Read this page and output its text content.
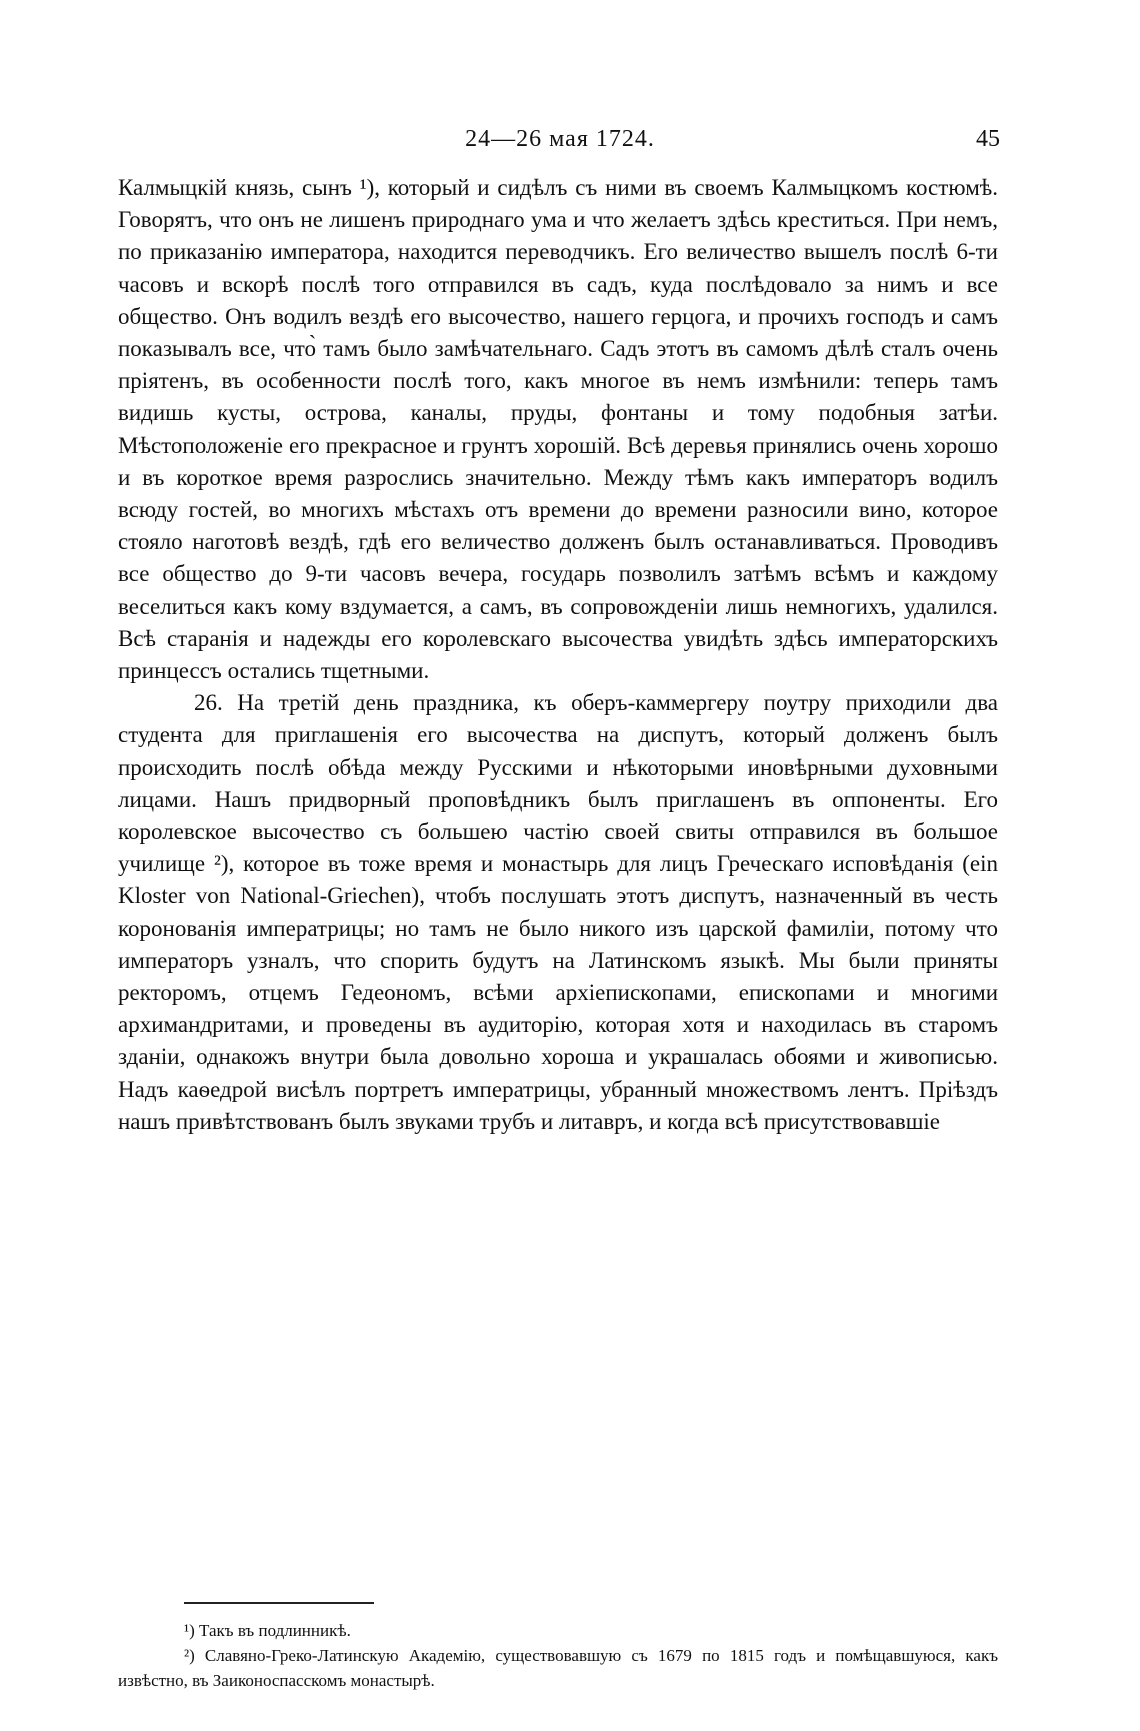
24—26 мая 1724.	45

Калмыцкій князь, сынъ ¹), который и сидѣлъ съ ними въ своемъ Калмыцкомъ костюмѣ. Говорятъ, что онъ не лишенъ природнаго ума и что желаетъ здѣсь креститься. При немъ, по приказанію императора, находится переводчикъ. Его величество вышелъ послѣ 6-ти часовъ и вскорѣ послѣ того отправился въ садъ, куда послѣдовало за нимъ и все общество. Онъ водилъ вездѣ его высочество, нашего герцога, и прочихъ господъ и самъ показывалъ все, что̀ тамъ было замѣчательнаго. Садъ этотъ въ самомъ дѣлѣ сталъ очень пріятенъ, въ особенности послѣ того, какъ многое въ немъ измѣнили: теперь тамъ видишь кусты, острова, каналы, пруды, фонтаны и тому подобныя затѣи. Мѣстоположеніе его прекрасное и грунтъ хорошій. Всѣ деревья принялись очень хорошо и въ короткое время разрослись значительно. Между тѣмъ какъ императоръ водилъ всюду гостей, во многихъ мѣстахъ отъ времени до времени разносили вино, которое стояло наготовѣ вездѣ, гдѣ его величество долженъ былъ останавливаться. Проводивъ все общество до 9-ти часовъ вечера, государь позволилъ затѣмъ всѣмъ и каждому веселиться какъ кому вздумается, а самъ, въ сопровожденіи лишь немногихъ, удалился. Всѣ старанія и надежды его королевскаго высочества увидѣть здѣсь императорскихъ принцессъ остались тщетными.

26. На третій день праздника, къ оберъ-каммергеру поутру приходили два студента для приглашенія его высочества на диспутъ, который долженъ былъ происходить послѣ обѣда между Русскими и нѣкоторыми иновѣрными духовными лицами. Нашъ придворный проповѣдникъ былъ приглашенъ въ оппоненты. Его королевское высочество съ большею частію своей свиты отправился въ большое училище ²), которое въ тоже время и монастырь для лицъ Греческаго исповѣданія (ein Kloster von National-Griechen), чтобъ послушать этотъ диспутъ, назначенный въ честь коронованія императрицы; но тамъ не было никого изъ царской фамиліи, потому что императоръ узналъ, что спорить будутъ на Латинскомъ языкѣ. Мы были приняты ректоромъ, отцемъ Гедеономъ, всѣми архіепископами, епископами и многими архимандритами, и проведены въ аудиторію, которая хотя и находилась въ старомъ зданіи, однакожъ внутри была довольно хороша и украшалась обоями и живописью. Надъ каѳедрой висѣлъ портретъ императрицы, убранный множествомъ лентъ. Пріѣздъ нашъ привѣтствованъ былъ звуками трубъ и литавръ, и когда всѣ присутствовавшіе

¹) Такъ въ подлинникѣ.

²) Славяно-Греко-Латинскую Академію, существовавшую съ 1679 по 1815 годъ и помѣщавшуюся, какъ извѣстно, въ Заиконоспасскомъ монастырѣ.
